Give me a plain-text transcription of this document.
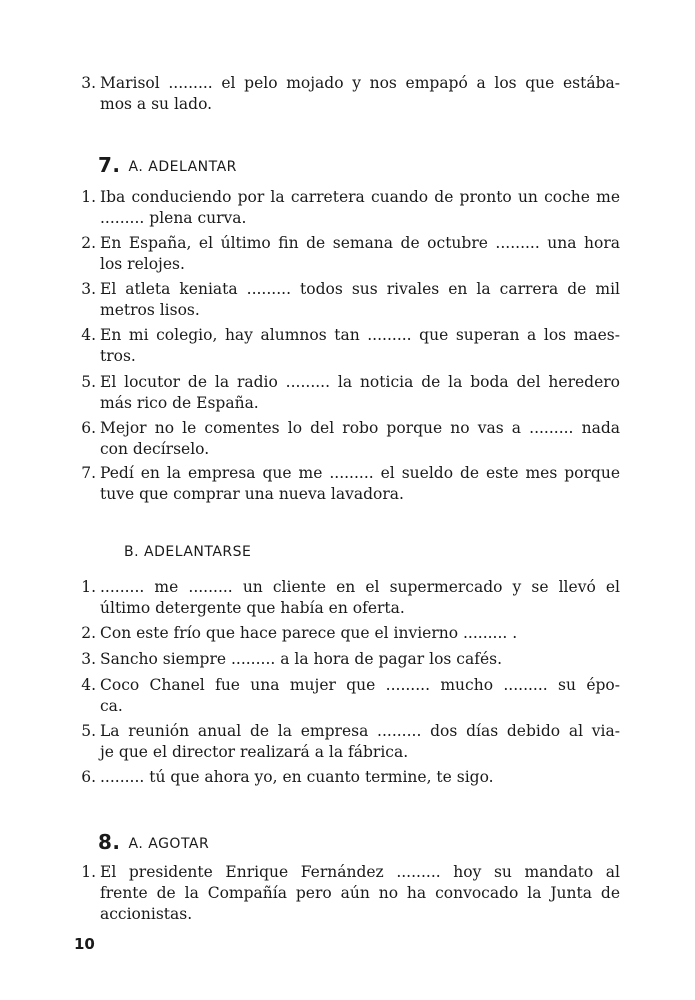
3. Marisol ......... el pelo mojado y nos empapó a los que estába-
mos a su lado.
7. A. ADELANTAR
1. Iba conduciendo por la carretera cuando de pronto un coche me
......... plena curva.
2. En España, el último fin de semana de octubre ......... una hora
los relojes.
3. El atleta keniata ......... todos sus rivales en la carrera de mil
metros lisos.
4. En mi colegio, hay alumnos tan ......... que superan a los maes-
tros.
5. El locutor de la radio ......... la noticia de la boda del heredero
más rico de España.
6. Mejor no le comentes lo del robo porque no vas a ......... nada
con decírselo.
7. Pedí en la empresa que me ......... el sueldo de este mes porque
tuve que comprar una nueva lavadora.
B. ADELANTARSE
1. ......... me ......... un cliente en el supermercado y se llevó el
último detergente que había en oferta.
2. Con este frío que hace parece que el invierno ......... .
3. Sancho siempre ......... a la hora de pagar los cafés.
4. Coco Chanel fue una mujer que ......... mucho ......... su épo-
ca.
5. La reunión anual de la empresa ......... dos días debido al via-
je que el director realizará a la fábrica.
6. ......... tú que ahora yo, en cuanto termine, te sigo.
8. A. AGOTAR
1. El presidente Enrique Fernández ......... hoy su mandato al
frente de la Compañía pero aún no ha convocado la Junta de
accionistas.
10
